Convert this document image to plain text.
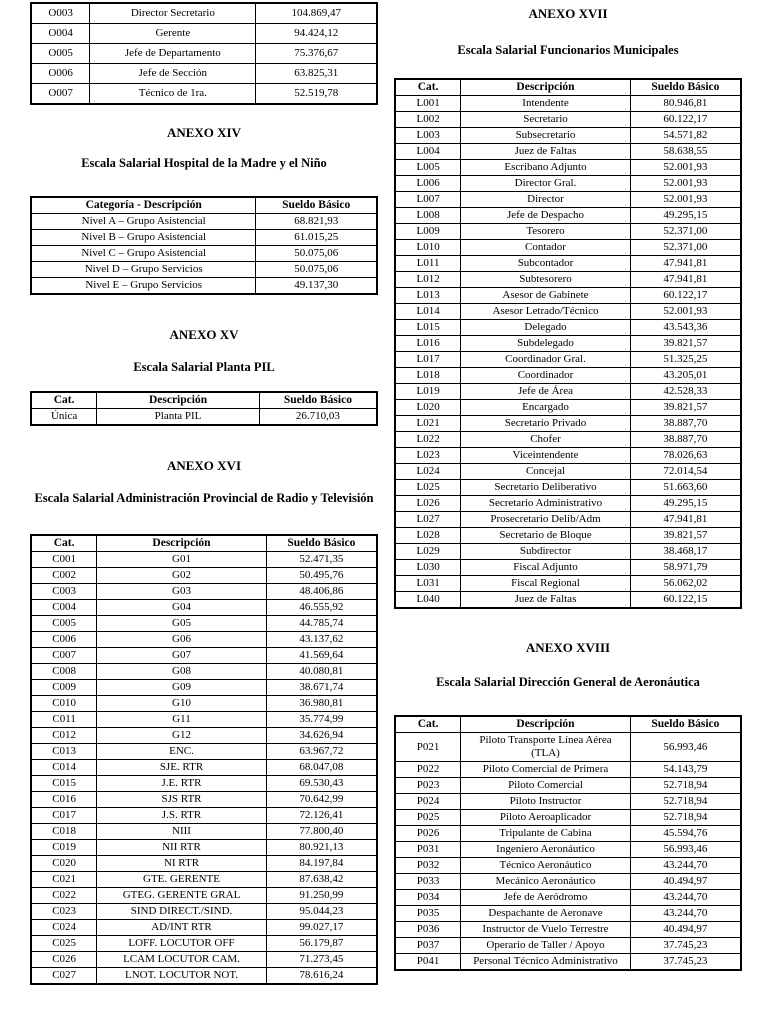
O003	Director Secretario	104.869,47
O004	Gerente	94.424,12
O005	Jefe de Departamento	75.376,67
O006	Jefe de Sección	63.825,31
O007	Técnico de 1ra.	52.519,78
ANEXO XIV
Escala Salarial Hospital de la Madre y el Niño
Categoría - Descripción	Sueldo Básico
Nivel A – Grupo Asistencial	68.821,93
Nivel B – Grupo Asistencial	61.015,25
Nivel C – Grupo Asistencial	50.075,06
Nivel D – Grupo Servicios	50.075,06
Nivel E – Grupo Servicios	49.137,30
ANEXO XV
Escala Salarial Planta PIL
Cat.	Descripción	Sueldo Básico
Única	Planta PIL	26.710,03
ANEXO XVI
Escala Salarial Administración Provincial de Radio y Televisión
Cat.	Descripción	Sueldo Básico
C001	G01	52.471,35
C002	G02	50.495,76
C003	G03	48.406,86
C004	G04	46.555,92
C005	G05	44.785,74
C006	G06	43.137,62
C007	G07	41.569,64
C008	G08	40.080,81
C009	G09	38.671,74
C010	G10	36.980,81
C011	G11	35.774,99
C012	G12	34.626,94
C013	ENC.	63.967,72
C014	SJE. RTR	68.047,08
C015	J.E. RTR	69.530,43
C016	SJS RTR	70.642,99
C017	J.S. RTR	72.126,41
C018	NIII	77.800,40
C019	NII RTR	80.921,13
C020	NI RTR	84.197,84
C021	GTE. GERENTE	87.638,42
C022	GTEG. GERENTE GRAL	91.250,99
C023	SIND DIRECT./SIND.	95.044,23
C024	AD/INT RTR	99.027,17
C025	LOFF. LOCUTOR OFF	56.179,87
C026	LCAM LOCUTOR CAM.	71.273,45
C027	LNOT. LOCUTOR NOT.	78.616,24
ANEXO XVII
Escala Salarial Funcionarios Municipales
Cat.	Descripción	Sueldo Básico
L001	Intendente	80.946,81
L002	Secretario	60.122,17
L003	Subsecretario	54.571,82
L004	Juez de Faltas	58.638,55
L005	Escribano Adjunto	52.001,93
L006	Director Gral.	52.001,93
L007	Director	52.001,93
L008	Jefe de Despacho	49.295,15
L009	Tesorero	52.371,00
L010	Contador	52.371,00
L011	Subcontador	47.941,81
L012	Subtesorero	47.941,81
L013	Asesor de Gabinete	60.122,17
L014	Asesor Letrado/Técnico	52.001,93
L015	Delegado	43.543,36
L016	Subdelegado	39.821,57
L017	Coordinador Gral.	51.325,25
L018	Coordinador	43.205,01
L019	Jefe de Área	42.528,33
L020	Encargado	39.821,57
L021	Secretario Privado	38.887,70
L022	Chofer	38.887,70
L023	Viceintendente	78.026,63
L024	Concejal	72.014,54
L025	Secretario Deliberativo	51.663,60
L026	Secretario Administrativo	49.295,15
L027	Prosecretario Delib/Adm	47.941,81
L028	Secretario de Bloque	39.821,57
L029	Subdirector	38.468,17
L030	Fiscal Adjunto	58.971,79
L031	Fiscal Regional	56.062,02
L040	Juez de Faltas	60.122,15
ANEXO XVIII
Escala Salarial Dirección General de Aeronáutica
Cat.	Descripción	Sueldo Básico
P021	Piloto Transporte Línea Aérea (TLA)	56.993,46
P022	Piloto Comercial de Primera	54.143,79
P023	Piloto Comercial	52.718,94
P024	Piloto Instructor	52.718,94
P025	Piloto Aeroaplicador	52.718,94
P026	Tripulante de Cabina	45.594,76
P031	Ingeniero Aeronáutico	56.993,46
P032	Técnico Aeronáutico	43.244,70
P033	Mecánico Aeronáutico	40.494,97
P034	Jefe de Aeródromo	43.244,70
P035	Despachante de Aeronave	43.244,70
P036	Instructor de Vuelo Terrestre	40.494,97
P037	Operario de Taller / Apoyo	37.745,23
P041	Personal Técnico Administrativo	37.745,23
